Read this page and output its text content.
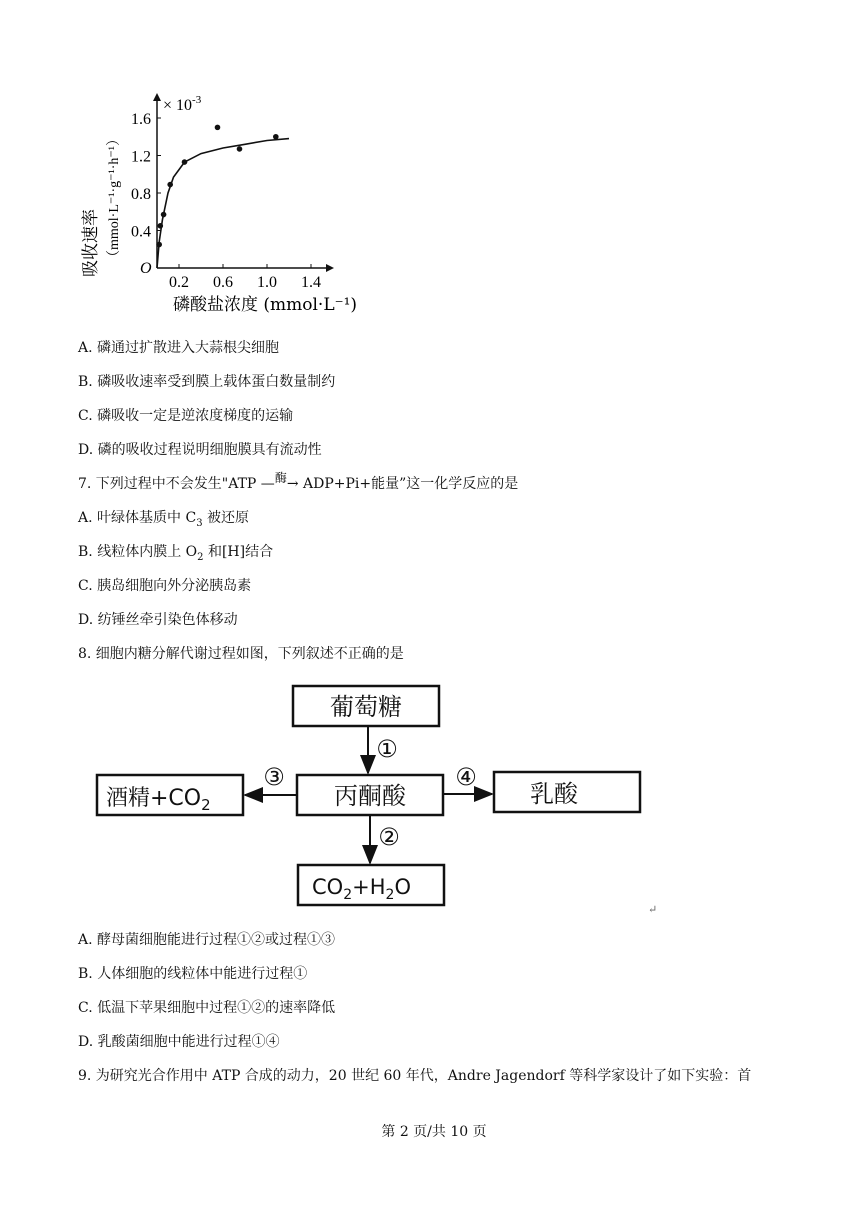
0.2 0.6 1.0 1.4
0.4
0.8
1.2
1.6
× $10^{-3}$
吸收速率 （mmol·L⁻¹·g⁻¹·h⁻¹）
O
磷酸盐浓度 (mmol·L⁻¹)
A. 磷通过扩散进入大蒜根尖细胞
B. 磷吸收速率受到膜上载体蛋白数量制约
C. 磷吸收一定是逆浓度梯度的运输
D. 磷的吸收过程说明细胞膜具有流动性
7. 下列过程中不会发生"ATP —酶→ ADP+Pi+能量”这一化学反应的是
A. 叶绿体基质中 $C_3$ 被还原
B. 线粒体内膜上 $O_2$ 和[H]结合
C. 胰岛细胞向外分泌胰岛素
D. 纺锤丝牵引染色体移动
8. 细胞内糖分解代谢过程如图，下列叙述不正确的是
葡萄糖
丙酮酸
酒精$+CO_2$	乳酸
$CO_2+H_2O$
①
②
③	④
↵
A. 酵母菌细胞能进行过程①②或过程①③
B. 人体细胞的线粒体中能进行过程①
C. 低温下苹果细胞中过程①②的速率降低
D. 乳酸菌细胞中能进行过程①④
9. 为研究光合作用中 ATP 合成的动力，20 世纪 60 年代，Andre Jagendorf 等科学家设计了如下实验：首
第 2 页/共 10 页
